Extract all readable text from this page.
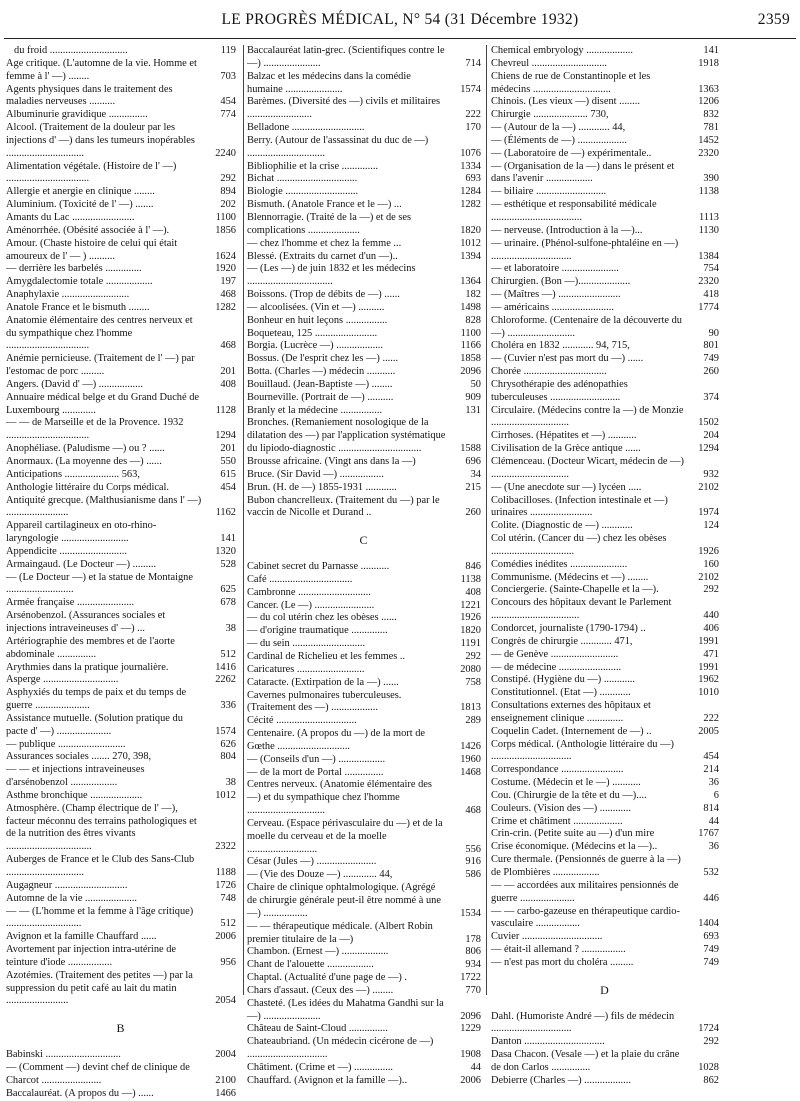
LE PROGRÈS MÉDICAL, N° 54 (31 Décembre 1932)	2359
du froid ..............................	119
Age critique. (L'automne de la vie. Homme et femme à l' —) ........	703
Agents physiques dans le traitement des maladies nerveuses ..........	454
Albuminurie gravidique ...............	774
Alcool. (Traitement de la douleur par les injections d' —) dans les tumeurs inopérables ..............................	2240
Alimentation végétale. (Histoire de l' —) ................................	292
Allergie et anergie en clinique ........	894
Aluminium. (Toxicité de l' —) .......	202
Amants du Lac ........................	1100
Aménorrhée. (Obésité associée à l' —).	1856
Amour. (Chaste histoire de celui qui était amoureux de l' — ) ..........	1624
— derrière les barbelés ..............	1920
Amygdalectomie totale ..................	197
Anaphylaxie ..........................	468
Anatole France et le bismuth ........	1282
Anatomie élémentaire des centres nerveux et du sympathique chez l'homme ................................	468
Anémie pernicieuse. (Traitement de l' —) par l'estomac de porc .........	201
Angers. (David d' —) .................	408
Annuaire médical belge et du Grand Duché de Luxembourg .............	1128
— — de Marseille et de la Provence. 1932 ................................	1294
Anophéliase. (Paludisme —) ou ? ......	201
Anormaux. (La moyenne des —) ......	550
Anticipations ..................... 563,	615
Anthologie littéraire du Corps médical.	454
Antiquité grecque. (Malthusianisme dans l' —) ........................	1162
Appareil cartilagineux en oto-rhino-laryngologie ..........................	141
Appendicite ..........................	1320
Armaingaud. (Le Docteur —) .........	528
— (Le Docteur —) et la statue de Montaigne ..........................	625
Armée française ......................	678
Arsénobenzol. (Assurances sociales et injections intraveineuses d' —) ...	38
Artériographie des membres et de l'aorte abdominale ...............	512
Arythmies dans la pratique journalière.	1416
Asperge .............................	2262
Asphyxiés du temps de paix et du temps de guerre .....................	336
Assistance mutuelle. (Solution pratique du pacte d' —) .....................	1574
— publique ..........................	626
Assurances sociales ....... 270, 398,	804
— — et injections intraveineuses d'arsénobenzol ..................	38
Asthme bronchique ....................	1012
Atmosphère. (Champ électrique de l' —), facteur méconnu des terrains pathologiques et de la nutrition des êtres vivants .................................	2322
Auberges de France et le Club des Sans-Club ..............................	1188
Augagneur ............................	1726
Automne de la vie ....................	748
— — (L'homme et la femme à l'âge critique) .............................	512
Avignon et la famille Chauffard ......	2006
Avortement par injection intra-utérine de teinture d'iode .................	956
Azotémies. (Traitement des petites —) par la suppression du petit café au lait du matin ........................	2054
B
Babinski .............................	2004
— (Comment —) devint chef de clinique de Charcot .......................	2100
Baccalauréat. (A propos du —) ......	1466
Baccalauréat latin-grec. (Scientifiques contre le —) ......................	714
Balzac et les médecins dans la comédie humaine ......................	1574
Barèmes. (Diversité des —) civils et militaires .........................	222
Belladone ............................	170
Berry. (Autour de l'assassinat du duc de —) ..............................	1076
Bibliophilie et la crise ..............	1334
Bichat ...............................	693
Biologie ............................	1284
Bismuth. (Anatole France et le —) ...	1282
Blennorragie. (Traité de la —) et de ses complications ....................	1820
— chez l'homme et chez la femme ...	1012
Blessé. (Extraits du carnet d'un —)..	1394
— (Les —) de juin 1832 et les médecins .................................	1364
Boissons. (Trop de débits de —) ......	182
— alcoolisées. (Vin et —) ..........	1498
Bonheur en huit leçons ................	828
Boqueteau, 125 ........................	1100
Borgia. (Lucrèce —) ..................	1166
Bossus. (De l'esprit chez les —) ......	1858
Botta. (Charles —) médecin ...........	2096
Bouillaud. (Jean-Baptiste —) ........	50
Bourneville. (Portrait de —) ..........	909
Branly et la médecine ................	131
Bronches. (Remaniement nosologique de la dilatation des —) par l'application systématique du lipiodo-diagnostic ................................	1588
Brousse africaine. (Vingt ans dans la —)	696
Bruce. (Sir David —) .................	34
Brun. (H. de —) 1855-1931 ............	215
Bubon chancrelleux. (Traitement du —) par le vaccin de Nicolle et Durand ..	260
C
Cabinet secret du Parnasse ...........	846
Café ................................	1138
Cambronne ............................	408
Cancer. (Le —) .......................	1221
— du col utérin chez les obèses ......	1926
— d'origine traumatique ..............	1820
— du sein ............................	1191
Cardinal de Richelieu et les femmes ..	292
Caricatures ..........................	2080
Cataracte. (Extirpation de la —) ......	758
Cavernes pulmonaires tuberculeuses. (Traitement des —) ..................	1813
Cécité ...............................	289
Centenaire. (A propos du —) de la mort de Gœthe ............................	1426
— (Conseils d'un —) ..................	1960
— de la mort de Portal ...............	1468
Centres nerveux. (Anatomie élémentaire des —) et du sympathique chez l'homme ..............................	468
Cerveau. (Espace périvasculaire du —) et de la moelle du cerveau et de la moelle ...........................	556
César (Jules —) .......................	916
— (Vie des Douze —) ............. 44,	586
Chaire de clinique ophtalmologique. (Agrégé de chirurgie générale peut-il être nommé à une —) .................	1534
— — thérapeutique médicale. (Albert Robin premier titulaire de la —)	178
Chambon. (Ernest —) ..................	806
Chant de l'alouette ..................	934
Chaptal. (Actualité d'une page de —) .	1722
Chars d'assaut. (Ceux des —) ........	770
Chasteté. (Les idées du Mahatma Gandhi sur la —) ......................	2096
Château de Saint-Cloud ...............	1229
Chateaubriand. (Un médecin cicérone de —) ...............................	1908
Châtiment. (Crime et —) ...............	44
Chauffard. (Avignon et la famille —)..	2006
Chemical embryology ..................	141
Chevreul .............................	1918
Chiens de rue de Constantinople et les médecins ..............................	1363
Chinois. (Les vieux —) disent ........	1206
Chirurgie ..................... 730,	832
— (Autour de la —) ............ 44,	781
— (Éléments de —) ...................	1452
— (Laboratoire de —) expérimentale..	2320
— (Organisation de la —) dans le présent et dans l'avenir ..................	390
— biliaire ...........................	1138
— esthétique et responsabilité médicale ...................................	1113
— nerveuse. (Introduction à la —)...	1130
— urinaire. (Phénol-sulfone-phtaléine en —) ...............................	1384
— et laboratoire ......................	754
Chirurgien. (Bon —)....................	2320
— (Maîtres —) ........................	418
— américains ........................	1774
Chloroforme. (Centenaire de la découverte du —) ..........................	90
Choléra en 1832 ............ 94, 715,	801
— (Cuvier n'est pas mort du —) ......	749
Chorée ................................	260
Chrysothérapie des adénopathies tuberculeuses ...........................	374
Circulaire. (Médecins contre la —) de Monzie ..............................	1502
Cirrhoses. (Hépatites et —) ...........	204
Civilisation de la Grèce antique ......	1294
Clémenceau. (Docteur Wicart, médecin de —) ..............................	932
— (Une anecdote sur —) lycéen .....	2102
Colibacilloses. (Infection intestinale et —) urinaires ........................	1974
Colite. (Diagnostic de —) ............	124
Col utérin. (Cancer du —) chez les obèses ................................	1926
Comédies inédites ......................	160
Communisme. (Médecins et —) ........	2102
Conciergerie. (Sainte-Chapelle et la —).	292
Concours des hôpitaux devant le Parlement ..................................	440
Condorcet, journaliste (1790-1794) ..	406
Congrès de chirurgie ............ 471,	1991
— de Genève ..........................	471
— de médecine ........................	1991
Constipé. (Hygiène du —) ............	1962
Constitutionnel. (Etat —) ............	1010
Consultations externes des hôpitaux et enseignement clinique ..............	222
Coquelin Cadet. (Internement de —) ..	2005
Corps médical. (Anthologie littéraire du —) ...............................	454
Correspondance ........................	214
Costume. (Médecin et le —) ...........	36
Cou. (Chirurgie de la tête et du —)....	6
Couleurs. (Vision des —) ............	814
Crime et châtiment ...................	44
Crin-crin. (Petite suite au —) d'un mire	1767
Crise économique. (Médecins et la —)..	36
Cure thermale. (Pensionnés de guerre à la —) de Plombières ..................	532
— — accordées aux militaires pensionnés de guerre .....................	446
— — carbo-gazeuse en thérapeutique cardio-vasculaire .................	1404
Cuvier ...............................	693
— était-il allemand ? .................	749
— n'est pas mort du choléra .........	749
D
Dahl. (Humoriste André —) fils de médecin ...............................	1724
Danton ...............................	292
Dasa Chacon. (Vesale —) et la plaie du crâne de don Carlos ...............	1028
Debierre (Charles —) ..................	862
